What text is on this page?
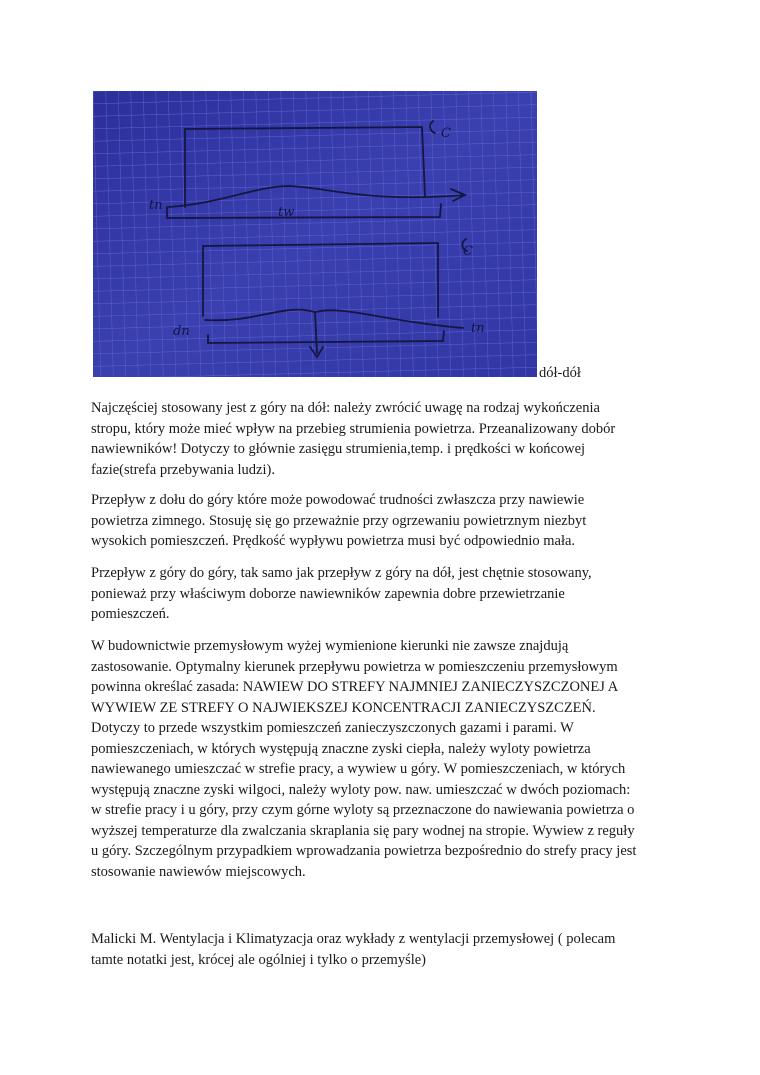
C
tn	tw
C
dn	tn
dół-dół
Najczęściej stosowany jest z góry na dół: należy zwrócić uwagę na rodzaj wykończenia
stropu, który może mieć wpływ na przebieg strumienia powietrza. Przeanalizowany dobór
nawiewników! Dotyczy to głównie zasięgu strumienia,temp. i prędkości w końcowej
fazie(strefa przebywania ludzi).
Przepływ z dołu do góry które może powodować trudności zwłaszcza przy nawiewie
powietrza zimnego. Stosuję się go przeważnie przy ogrzewaniu powietrznym niezbyt
wysokich pomieszczeń. Prędkość wypływu powietrza musi być odpowiednio mała.
Przepływ z góry do góry, tak samo jak przepływ z góry na dół, jest chętnie stosowany,
ponieważ przy właściwym doborze nawiewników zapewnia dobre przewietrzanie
pomieszczeń.
W budownictwie przemysłowym wyżej wymienione kierunki nie zawsze znajdują
zastosowanie. Optymalny kierunek przepływu powietrza w pomieszczeniu przemysłowym
powinna określać zasada: NAWIEW DO STREFY NAJMNIEJ ZANIECZYSZCZONEJ A
WYWIEW ZE STREFY O NAJWIEKSZEJ KONCENTRACJI ZANIECZYSZCZEŃ.
Dotyczy to przede wszystkim pomieszczeń zanieczyszczonych gazami i parami. W
pomieszczeniach, w których występują znaczne zyski ciepła, należy wyloty powietrza
nawiewanego umieszczać w strefie pracy, a wywiew u góry. W pomieszczeniach, w których
występują znaczne zyski wilgoci, należy wyloty pow. naw. umieszczać w dwóch poziomach:
w strefie pracy i u góry, przy czym górne wyloty są przeznaczone do nawiewania powietrza o
wyższej temperaturze dla zwalczania skraplania się pary wodnej na stropie. Wywiew z reguły
u góry. Szczególnym przypadkiem wprowadzania powietrza bezpośrednio do strefy pracy jest
stosowanie nawiewów miejscowych.
Malicki M. Wentylacja i Klimatyzacja oraz wykłady z wentylacji przemysłowej ( polecam
tamte notatki jest, krócej ale ogólniej i tylko o przemyśle)
